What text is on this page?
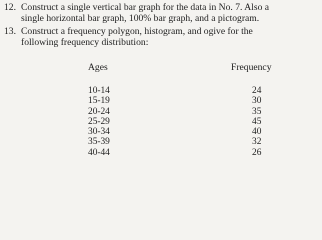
12. Construct a single vertical bar graph for the data in No. 7. Also a
single horizontal bar graph, 100% bar graph, and a pictogram.
13. Construct a frequency polygon, histogram, and ogive for the
following frequency distribution:
Ages	Frequency
10-14	24
15-19	30
20-24	35
25-29	45
30-34	40
35-39	32
40-44	26
